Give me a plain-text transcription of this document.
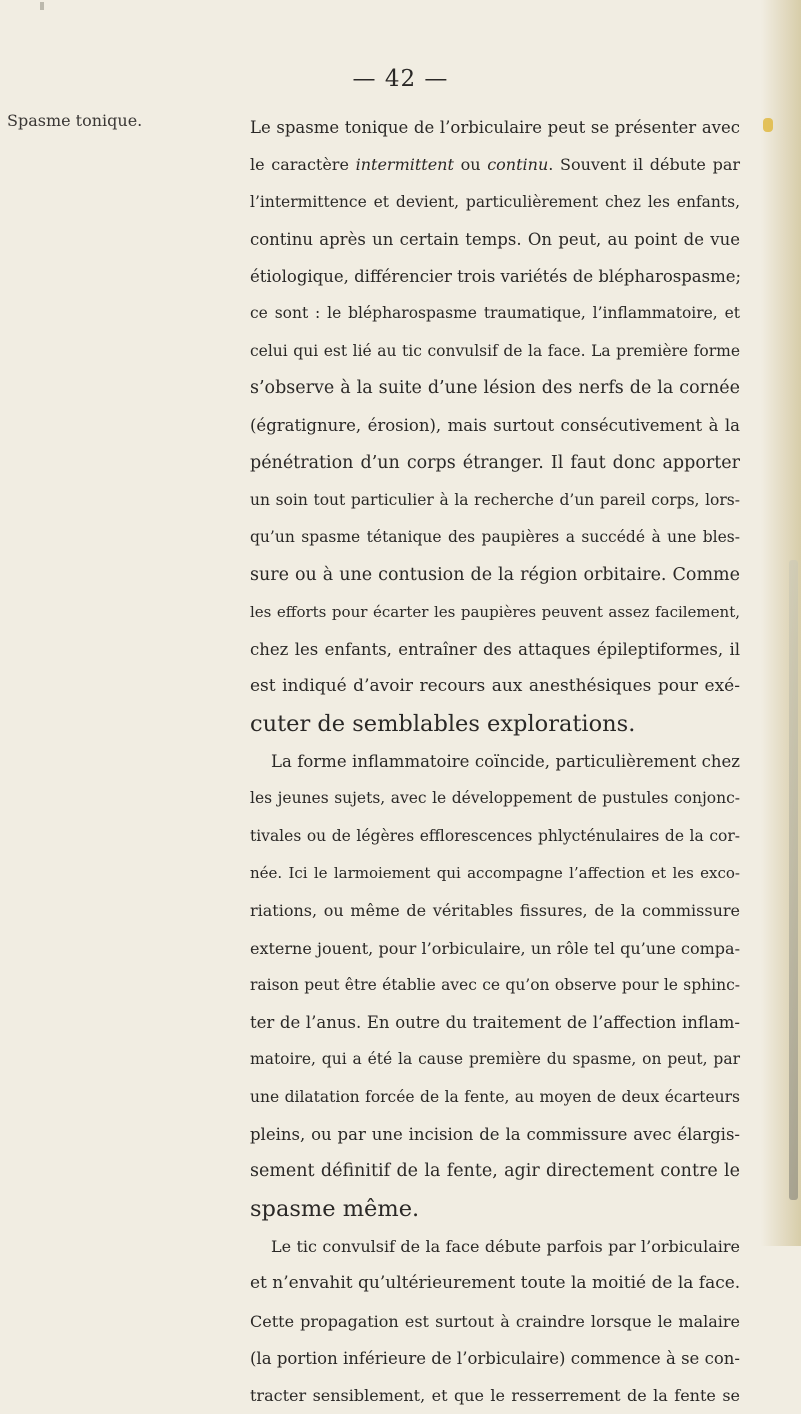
— 42 —
Spasme tonique.	Le spasme tonique de l’orbiculaire peut se présenter avec
le caractère intermittent ou continu. Souvent il débute par
l’intermittence et devient, particulièrement chez les enfants,
continu après un certain temps. On peut, au point de vue
étiologique, différencier trois variétés de blépharospasme;
ce sont : le blépharospasme traumatique, l’inflammatoire, et
celui qui est lié au tic convulsif de la face. La première forme
s’observe à la suite d’une lésion des nerfs de la cornée
(égratignure, érosion), mais surtout consécutivement à la
pénétration d’un corps étranger. Il faut donc apporter
un soin tout particulier à la recherche d’un pareil corps, lors-
qu’un spasme tétanique des paupières a succédé à une bles-
sure ou à une contusion de la région orbitaire. Comme
les efforts pour écarter les paupières peuvent assez facilement,
chez les enfants, entraîner des attaques épileptiformes, il
est indiqué d’avoir recours aux anesthésiques pour exé-
cuter de semblables explorations.
La forme inflammatoire coïncide, particulièrement chez
les jeunes sujets, avec le développement de pustules conjonc-
tivales ou de légères efflorescences phlycténulaires de la cor-
née. Ici le larmoiement qui accompagne l’affection et les exco-
riations, ou même de véritables fissures, de la commissure
externe jouent, pour l’orbiculaire, un rôle tel qu’une compa-
raison peut être établie avec ce qu’on observe pour le sphinc-
ter de l’anus. En outre du traitement de l’affection inflam-
matoire, qui a été la cause première du spasme, on peut, par
une dilatation forcée de la fente, au moyen de deux écarteurs
pleins, ou par une incision de la commissure avec élargis-
sement définitif de la fente, agir directement contre le
spasme même.
Le tic convulsif de la face débute parfois par l’orbiculaire
et n’envahit qu’ultérieurement toute la moitié de la face.
Cette propagation est surtout à craindre lorsque le malaire
(la portion inférieure de l’orbiculaire) commence à se con-
tracter sensiblement, et que le resserrement de la fente se
